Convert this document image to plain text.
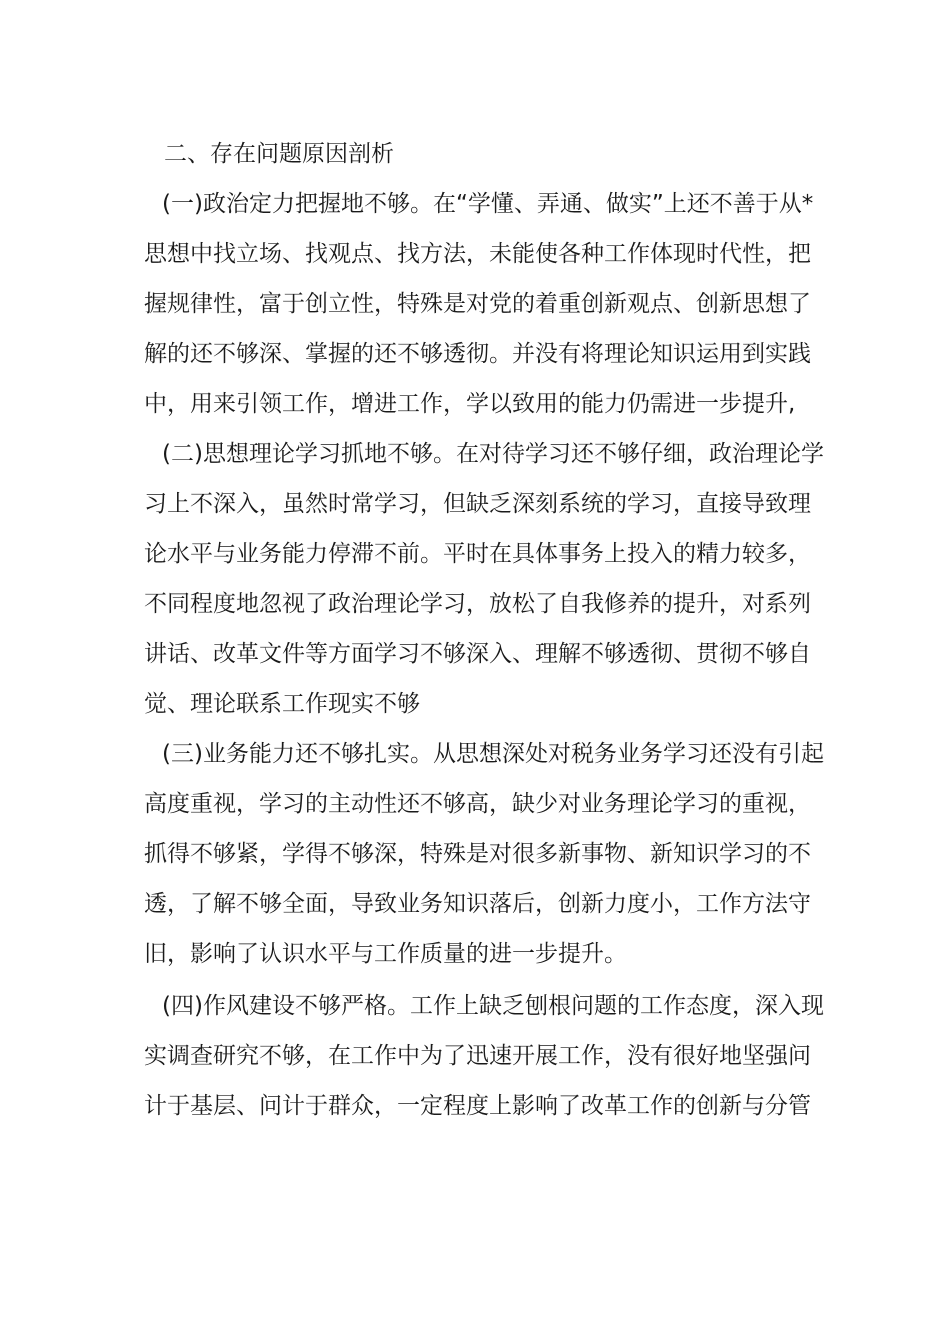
二、存在问题原因剖析
(一)政治定力把握地不够。在“学懂、弄通、做实”上还不善于从*
思想中找立场、找观点、找方法，未能使各种工作体现时代性，把
握规律性，富于创立性，特殊是对党的着重创新观点、创新思想了
解的还不够深、掌握的还不够透彻。并没有将理论知识运用到实践
中，用来引领工作，增进工作，学以致用的能力仍需进一步提升,
(二)思想理论学习抓地不够。在对待学习还不够仔细，政治理论学
习上不深入，虽然时常学习，但缺乏深刻系统的学习，直接导致理
论水平与业务能力停滞不前。平时在具体事务上投入的精力较多，
不同程度地忽视了政治理论学习，放松了自我修养的提升，对系列
讲话、改革文件等方面学习不够深入、理解不够透彻、贯彻不够自
觉、理论联系工作现实不够
(三)业务能力还不够扎实。从思想深处对税务业务学习还没有引起
高度重视，学习的主动性还不够高，缺少对业务理论学习的重视，
抓得不够紧，学得不够深，特殊是对很多新事物、新知识学习的不
透，了解不够全面，导致业务知识落后，创新力度小，工作方法守
旧，影响了认识水平与工作质量的进一步提升。
(四)作风建设不够严格。工作上缺乏刨根问题的工作态度，深入现
实调查研究不够，在工作中为了迅速开展工作，没有很好地坚强问
计于基层、问计于群众，一定程度上影响了改革工作的创新与分管
